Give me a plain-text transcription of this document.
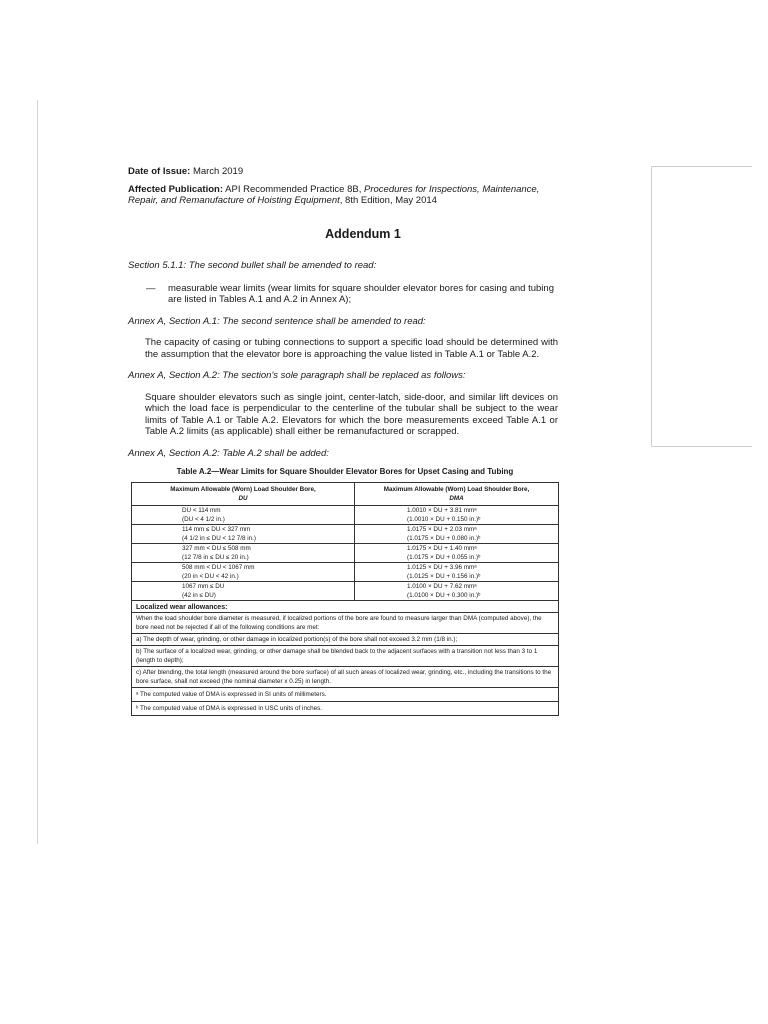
Date of Issue: March 2019

Affected Publication: API Recommended Practice 8B, Procedures for Inspections, Maintenance, Repair, and Remanufacture of Hoisting Equipment, 8th Edition, May 2014

Addendum 1

Section 5.1.1: The second bullet shall be amended to read:

—	measurable wear limits (wear limits for square shoulder elevator bores for casing and tubing are listed in Tables A.1 and A.2 in Annex A);

Annex A, Section A.1: The second sentence shall be amended to read:

The capacity of casing or tubing connections to support a specific load should be determined with the assumption that the elevator bore is approaching the value listed in Table A.1 or Table A.2.

Annex A, Section A.2: The section's sole paragraph shall be replaced as follows:

Square shoulder elevators such as single joint, center-latch, side-door, and similar lift devices on which the load face is perpendicular to the centerline of the tubular shall be subject to the wear limits of Table A.1 or Table A.2. Elevators for which the bore measurements exceed Table A.1 or Table A.2 limits (as applicable) shall either be remanufactured or scrapped.

Annex A, Section A.2: Table A.2 shall be added:

Table A.2—Wear Limits for Square Shoulder Elevator Bores for Upset Casing and Tubing
Maximum Allowable (Worn) Load Shoulder Bore,
DU	Maximum Allowable (Worn) Load Shoulder Bore,
DMA
DU < 114 mm
(DU < 4 1/2 in.)	1.0010 × DU + 3.81 mmᵃ
(1.0010 × DU + 0.150 in.)ᵇ
114 mm ≤ DU < 327 mm
(4 1/2 in ≤ DU < 12 7/8 in.)	1.0175 × DU + 2.03 mmᵃ
(1.0175 × DU + 0.080 in.)ᵇ
327 mm < DU ≤ 508 mm
(12 7/8 in ≤ DU ≤ 20 in.)	1.0175 × DU + 1.40 mmᵃ
(1.0175 × DU + 0.055 in.)ᵇ
508 mm < DU < 1067 mm
(20 in < DU < 42 in.)	1.0125 × DU + 3.96 mmᵃ
(1.0125 × DU + 0.156 in.)ᵇ
1067 mm ≤ DU
(42 in ≤ DU)	1.0100 × DU + 7.62 mmᵃ
(1.0100 × DU + 0.300 in.)ᵇ
Localized wear allowances:	
When the load shoulder bore diameter is measured, if localized portions of the bore are found to measure larger than DMA (computed above), the bore need not be rejected if all of the following conditions are met:	
a) The depth of wear, grinding, or other damage in localized portion(s) of the bore shall not exceed 3.2 mm (1/8 in.);	
b) The surface of a localized wear, grinding, or other damage shall be blended back to the adjacent surfaces with a transition not less than 3 to 1 (length to depth);	
c) After blending, the total length (measured around the bore surface) of all such areas of localized wear, grinding, etc., including the transitions to the bore surface, shall not exceed (the nominal diameter x 0.25) in length.	
ᵃ The computed value of DMA is expressed in SI units of millimeters.	
ᵇ The computed value of DMA is expressed in USC units of inches.	
